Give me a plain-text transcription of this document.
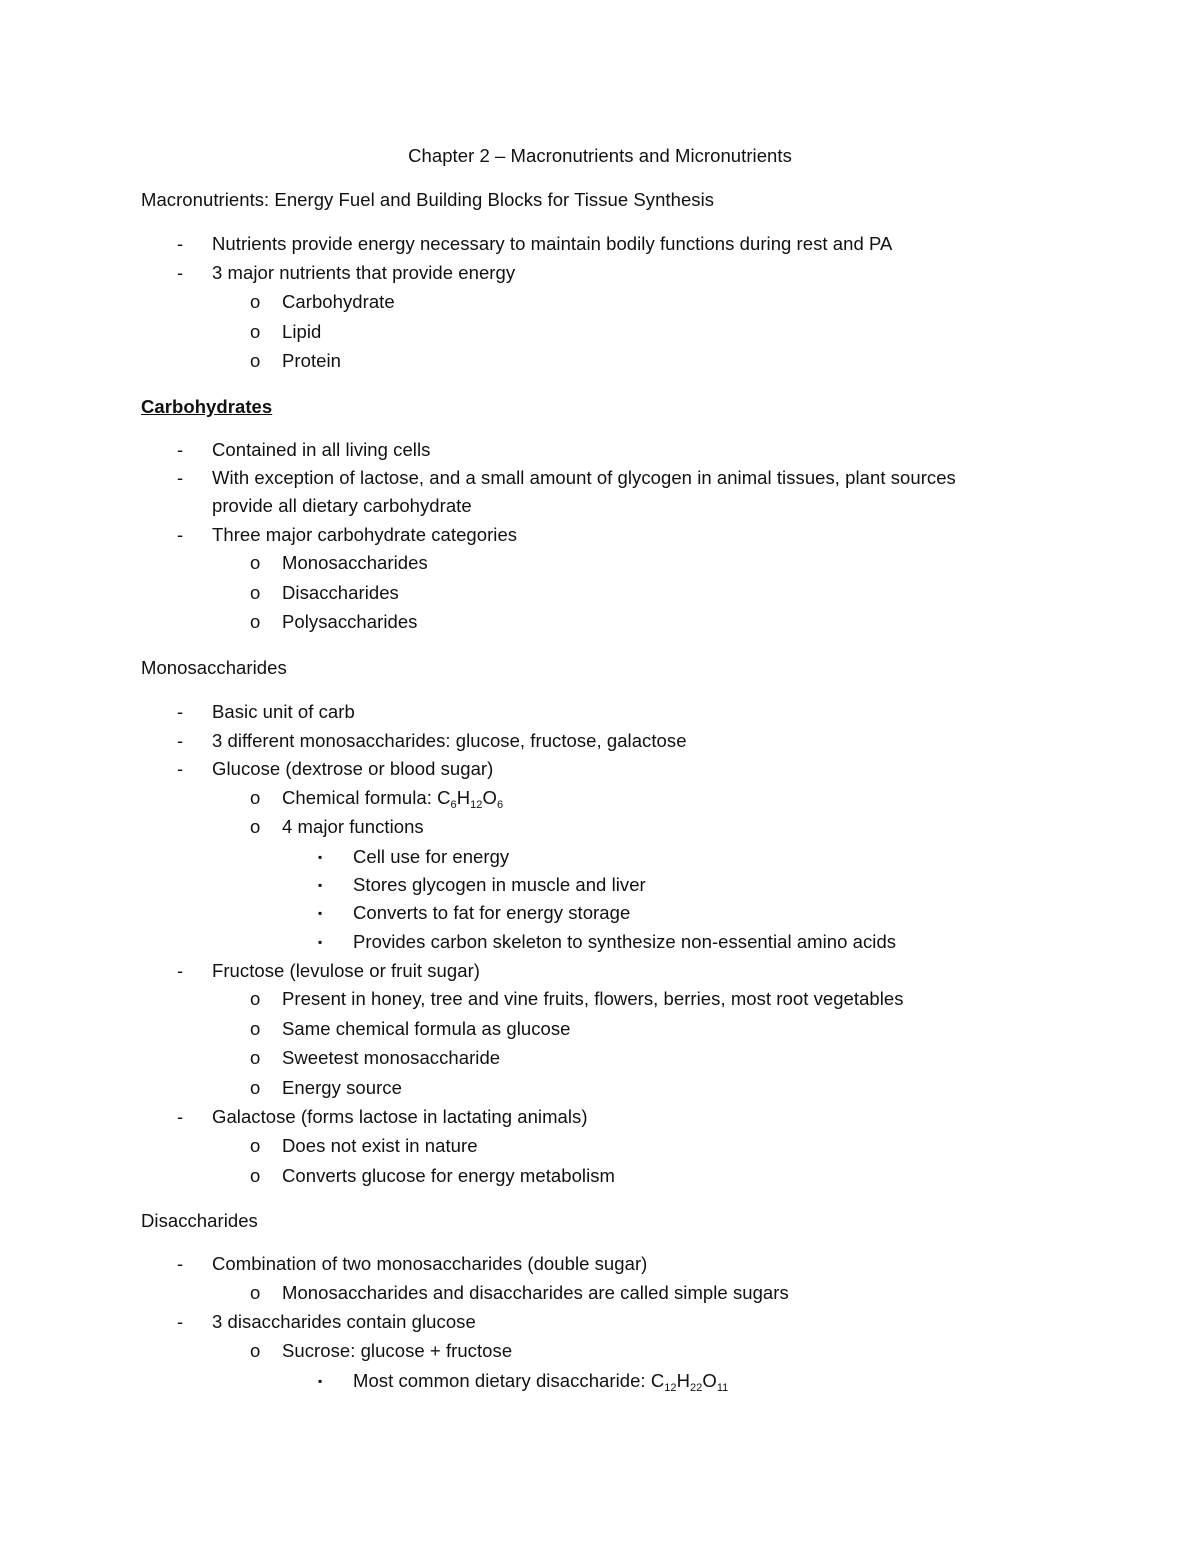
Chapter 2 – Macronutrients and Micronutrients
Macronutrients: Energy Fuel and Building Blocks for Tissue Synthesis
- Nutrients provide energy necessary to maintain bodily functions during rest and PA
- 3 major nutrients that provide energy
o Carbohydrate
o Lipid
o Protein
Carbohydrates
- Contained in all living cells
- With exception of lactose, and a small amount of glycogen in animal tissues, plant sources
provide all dietary carbohydrate
- Three major carbohydrate categories
o Monosaccharides
o Disaccharides
o Polysaccharides
Monosaccharides
- Basic unit of carb
- 3 different monosaccharides: glucose, fructose, galactose
- Glucose (dextrose or blood sugar)
o Chemical formula: $C_6H_{12}O_6$
o 4 major functions
▪ Cell use for energy
▪ Stores glycogen in muscle and liver
▪ Converts to fat for energy storage
▪ Provides carbon skeleton to synthesize non-essential amino acids
- Fructose (levulose or fruit sugar)
o Present in honey, tree and vine fruits, flowers, berries, most root vegetables
o Same chemical formula as glucose
o Sweetest monosaccharide
o Energy source
- Galactose (forms lactose in lactating animals)
o Does not exist in nature
o Converts glucose for energy metabolism
Disaccharides
- Combination of two monosaccharides (double sugar)
o Monosaccharides and disaccharides are called simple sugars
- 3 disaccharides contain glucose
o Sucrose: glucose + fructose
▪ Most common dietary disaccharide: $C_{12}H_{22}O_{11}$
